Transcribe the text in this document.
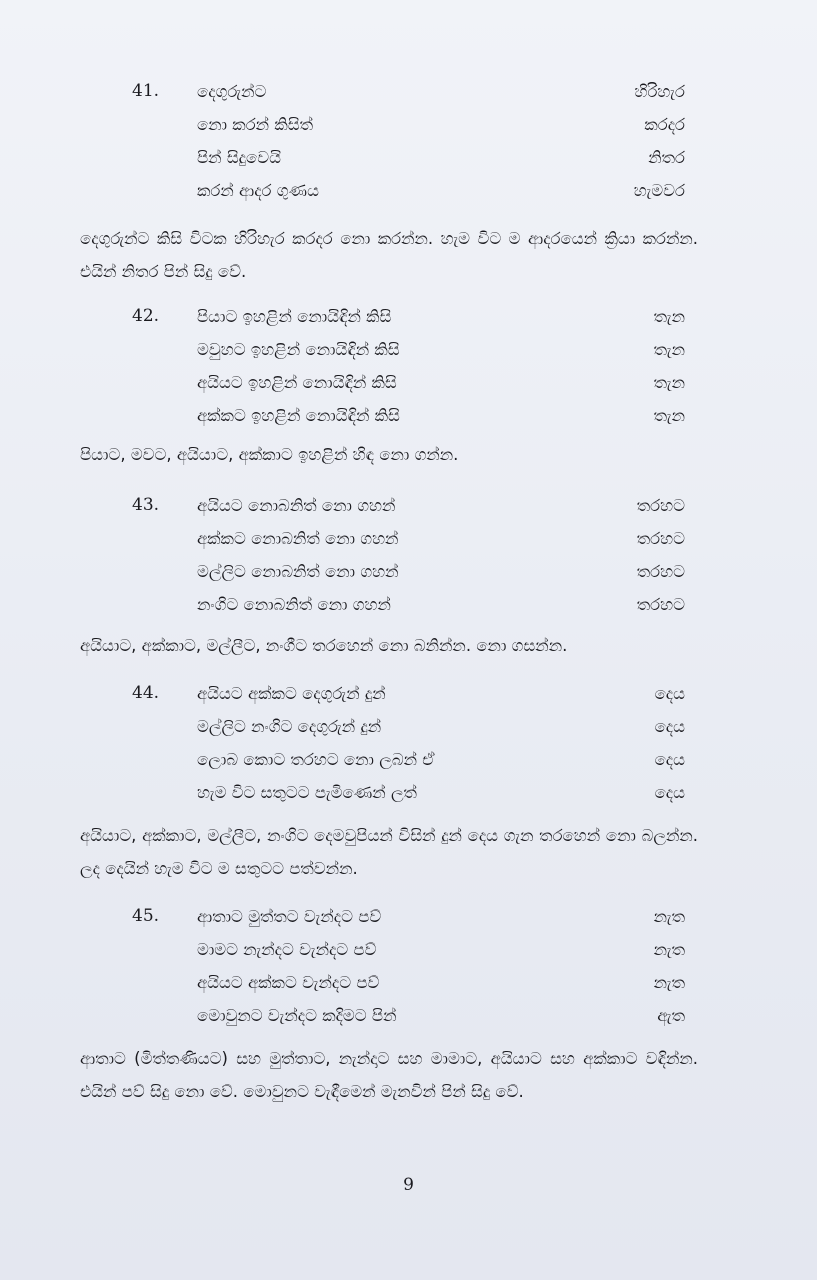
41. දෙගුරුන්ට	හිරිහැර
නො කරන් කිසිත්	කරදර
පින් සිදුවෙයි	නිතර
කරන් ආදර ගුණය	හැමවර
දෙගුරුන්ට කිසි විටක හිරිහැර කරදර නො කරන්න. හැම විට ම ආදරයෙන් ක්‍රියා කරන්න. එයින් නිතර පින් සිදු වේ.
42. පියාට ඉහළින් නොයිඳින් කිසි	තැන
මවුහට ඉහළින් නොයිඳින් කිසි	තැන
අයියට ඉහළින් නොයිඳින් කිසි	තැන
අක්කට ඉහළින් නොයිඳින් කිසි	තැන
පියාට, මවට, අයියාට, අක්කාට ඉහළින් හිඳ නො ගන්න.
43. අයියට නොබනිත් නො ගහන්	තරහට
අක්කට නොබනිත් නො ගහන්	තරහට
මල්ලිට නොබනිත් නො ගහන්	තරහට
නංගිට නොබනිත් නො ගහන්	තරහට
අයියාට, අක්කාට, මල්ලීට, නංගීට තරහෙන් නො බනින්න. නො ගසන්න.
44. අයියට අක්කට දෙගුරුන් දුන්	දෙය
මල්ලිට නංගිට දෙගුරුන් දුන්	දෙය
ලොබ කොට තරහට නො ලබන් ඒ	දෙය
හැම විට සතුටට පැමිණෙන් ලත්	දෙය
අයියාට, අක්කාට, මල්ලීට, නංගිට දෙමවුපියන් විසින් දුන් දෙය ගැන තරහෙන් නො බලන්න. ලද දෙයින් හැම විට ම සතුටට පත්වන්න.
45. ආතාට මුත්තට වැන්දට පව්	නැත
මාමට නැන්දට වැන්දට පව්	නැත
අයියට අක්කට වැන්දට පව්	නැත
මොවුනට වැන්දට කදිමට පින්	ඇත
ආතාට (මිත්තණියට) සහ මුත්තාට, නැන්දාට සහ මාමාට, අයියාට සහ අක්කාට වඳින්න. එයින් පව් සිදු නො වේ. මොවුනට වැඳීමෙන් මැනවින් පින් සිදු වේ.
9
